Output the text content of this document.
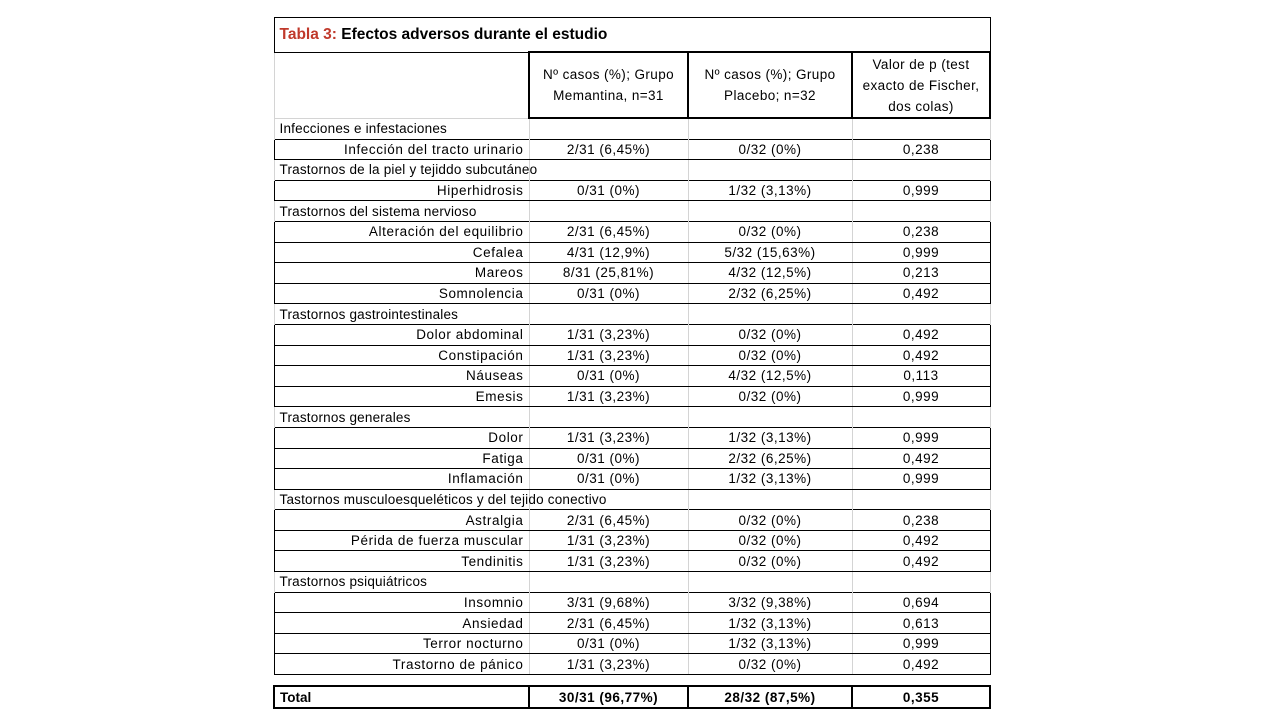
Tabla 3: Efectos adversos durante el estudio			
	Nº casos (%); Grupo Memantina, n=31	Nº casos (%); Grupo Placebo; n=32	Valor de p (test exacto de Fischer, dos colas)
Infecciones e infestaciones			
Infección del tracto urinario	2/31 (6,45%)	0/32 (0%)	0,238
Trastornos de la piel y tejiddo subcutáneo			
Hiperhidrosis	0/31 (0%)	1/32 (3,13%)	0,999
Trastornos del sistema nervioso			
Alteración del equilibrio	2/31 (6,45%)	0/32 (0%)	0,238
Cefalea	4/31 (12,9%)	5/32 (15,63%)	0,999
Mareos	8/31 (25,81%)	4/32 (12,5%)	0,213
Somnolencia	0/31 (0%)	2/32 (6,25%)	0,492
Trastornos gastrointestinales			
Dolor abdominal	1/31 (3,23%)	0/32 (0%)	0,492
Constipación	1/31 (3,23%)	0/32 (0%)	0,492
Náuseas	0/31 (0%)	4/32 (12,5%)	0,113
Emesis	1/31 (3,23%)	0/32 (0%)	0,999
Trastornos generales			
Dolor	1/31 (3,23%)	1/32 (3,13%)	0,999
Fatiga	0/31 (0%)	2/32 (6,25%)	0,492
Inflamación	0/31 (0%)	1/32 (3,13%)	0,999
Tastornos musculoesqueléticos y del tejido conectivo			
Astralgia	2/31 (6,45%)	0/32 (0%)	0,238
Périda de fuerza muscular	1/31 (3,23%)	0/32 (0%)	0,492
Tendinitis	1/31 (3,23%)	0/32 (0%)	0,492
Trastornos psiquiátricos			
Insomnio	3/31 (9,68%)	3/32 (9,38%)	0,694
Ansiedad	2/31 (6,45%)	1/32 (3,13%)	0,613
Terror nocturno	0/31 (0%)	1/32 (3,13%)	0,999
Trastorno de pánico	1/31 (3,23%)	0/32 (0%)	0,492

Total	30/31 (96,77%)	28/32 (87,5%)	0,355
